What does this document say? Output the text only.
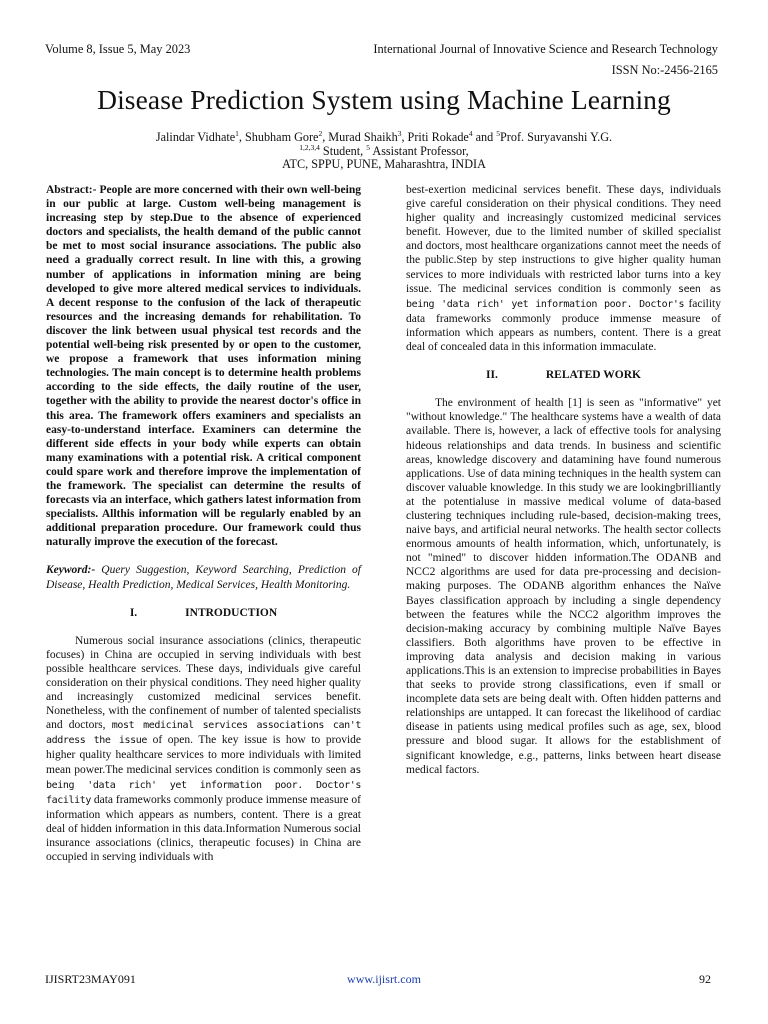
Volume 8, Issue 5, May 2023	International Journal of Innovative Science and Research Technology
ISSN No:-2456-2165
Disease Prediction System using Machine Learning
Jalindar Vidhate$^1$, Shubham Gore$^2$, Murad Shaikh$^3$, Priti Rokade$^4$ and $^5$Prof. Suryavanshi Y.G.
$^{1,2,3,4}$ Student, $^5$ Assistant Professor,
ATC, SPPU, PUNE, Maharashtra, INDIA

Abstract:- People are more concerned with their own well-being in our public at large. Custom well-being management is increasing step by step.Due to the absence of experienced doctors and specialists, the health demand of the public cannot be met to most social insurance associations. The public also need a gradually correct result. In line with this, a growing number of applications in information mining are being developed to give more altered medical services to individuals. A decent response to the confusion of the lack of therapeutic resources and the increasing demands for rehabilitation. To discover the link between usual physical test records and the potential well-being risk presented by or open to the customer, we propose a framework that uses information mining technologies. The main concept is to determine health problems according to the side effects, the daily routine of the user, together with the ability to provide the nearest doctor's office in this area. The framework offers examiners and specialists an easy-to-understand interface. Examiners can determine the different side effects in your body while experts can obtain many examinations with a potential risk. A critical component could spare work and therefore improve the implementation of the framework. The specialist can determine the results of forecasts via an interface, which gathers latest information from specialists. Allthis information will be regularly enabled by an additional preparation procedure. Our framework could thus naturally improve the execution of the forecast.

Keyword:- Query Suggestion, Keyword Searching, Prediction of Disease, Health Prediction, Medical Services, Health Monitoring.

I.	INTRODUCTION

Numerous social insurance associations (clinics, therapeutic focuses) in China are occupied in serving individuals with best possible healthcare services. These days, individuals give careful consideration on their physical conditions. They need higher quality and increasingly customized medicinal services benefit. Nonetheless, with the confinement of number of talented specialists and doctors, most medicinal services associations can't address the issue of open. The key issue is how to provide higher quality healthcare services to more individuals with limited mean power.The medicinal services condition is commonly seen as being 'data rich' yet information poor. Doctor's facility data frameworks commonly produce immense measure of information which appears as numbers, content. There is a great deal of hidden information in this data.Information Numerous social insurance associations (clinics, therapeutic focuses) in China are occupied in serving individuals with

best-exertion medicinal services benefit. These days, individuals give careful consideration on their physical conditions. They need higher quality and increasingly customized medicinal services benefit. However, due to the limited number of skilled specialist and doctors, most healthcare organizations cannot meet the needs of the public.Step by step instructions to give higher quality human services to more individuals with restricted labor turns into a key issue. The medicinal services condition is commonly seen as being 'data rich' yet information poor. Doctor's facility data frameworks commonly produce immense measure of information which appears as numbers, content. There is a great deal of concealed data in this information immaculate.

II.	RELATED WORK

The environment of health [1] is seen as "informative" yet "without knowledge." The healthcare systems have a wealth of data available. There is, however, a lack of effective tools for analysing hideous relationships and data trends. In business and scientific areas, knowledge discovery and datamining have found numerous applications. Use of data mining techniques in the health system can discover valuable knowledge. In this study we are lookingbrilliantly at the potentialuse in massive medical volume of data-based clustering techniques including rule-based, decision-making trees, naive bays, and artificial neural networks. The health sector collects enormous amounts of health information, which, unfortunately, is not "mined" to discover hidden information.The ODANB and NCC2 algorithms are used for data pre-processing and decision-making purposes. The ODANB algorithm enhances the Naïve Bayes classification approach by including a single dependency between the features while the NCC2 algorithm improves the decision-making accuracy by combining multiple Naïve Bayes classifiers. Both algorithms have proven to be effective in improving data analysis and decision making in various applications.This is an extension to imprecise probabilities in Bayes that seeks to provide strong classifications, even if small or incomplete data sets are being dealt with. Often hidden patterns and relationships are untapped. It can forecast the likelihood of cardiac disease in patients using medical profiles such as age, sex, blood pressure and blood sugar. It allows for the establishment of significant knowledge, e.g., patterns, links between heart disease medical factors.

IJISRT23MAY091	www.ijisrt.com	92
